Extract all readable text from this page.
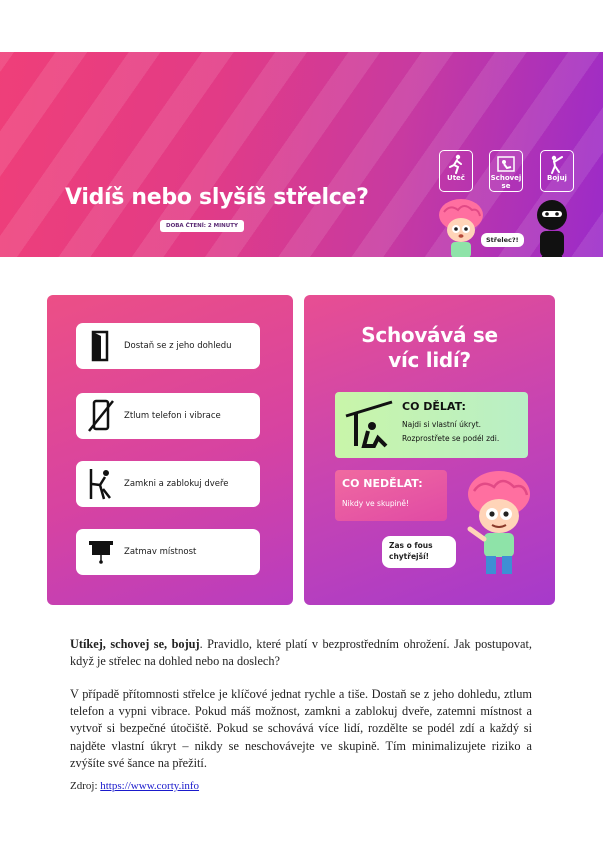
Vidíš nebo slyšíš střelce?
DOBA ČTENÍ: 2 MINUTY
Uteč	Schovej se
Bojuj
Střelec?!
Dostaň se z jeho dohledu
Ztlum telefon i vibrace
Zamkni a zablokuj dveře
Zatmav místnost
Schovává se
víc lidí?
CO DĚLAT:
Najdi si vlastní úkryt.
Rozprostřete se podél zdi.
CO NEDĚLAT:
Nikdy ve skupině!
Zas o fous
chytřejší!
Utíkej, schovej se, bojuj. Pravidlo, které platí v bezprostředním ohrožení. Jak postupovat, když je střelec na dohled nebo na doslech?
V případě přítomnosti střelce je klíčové jednat rychle a tiše. Dostaň se z jeho dohledu, ztlum telefon a vypni vibrace. Pokud máš možnost, zamkni a zablokuj dveře, zatemni místnost a vytvoř si bezpečné útočiště. Pokud se schovává více lidí, rozdělte se podél zdí a každý si najděte vlastní úkryt – nikdy se neschovávejte ve skupině. Tím minimalizujete riziko a zvýšíte své šance na přežití.
Zdroj: https://www.corty.info
